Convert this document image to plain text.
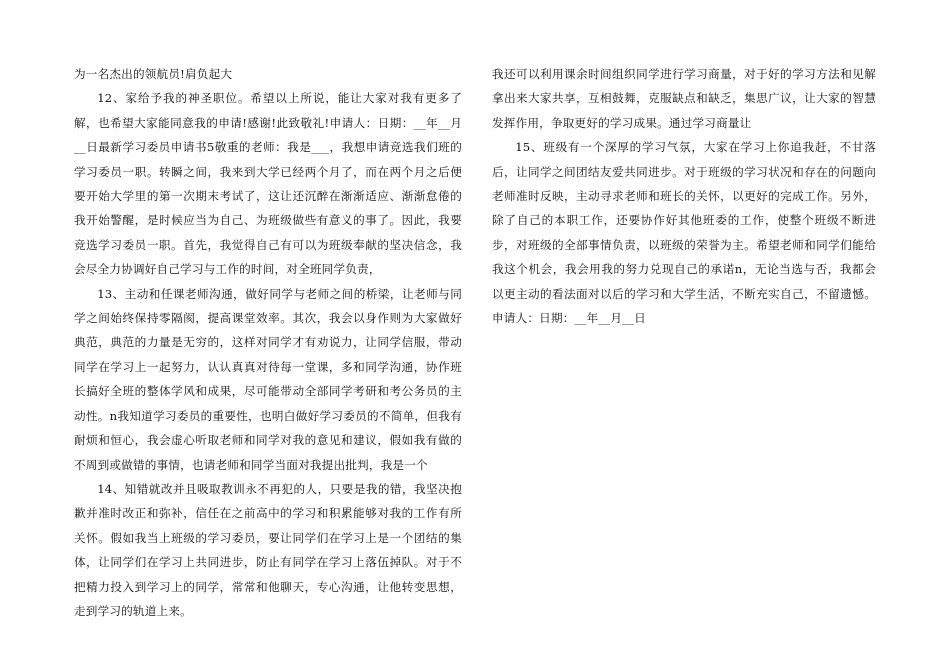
为一名杰出的领航员!肩负起大

12、家给予我的神圣职位。希望以上所说，能让大家对我有更多了解，也希望大家能同意我的申请!感谢!此致敬礼!申请人：日期：__年__月__日最新学习委员申请书5敬重的老师：我是___，我想申请竞选我们班的学习委员一职。转瞬之间，我来到大学已经两个月了，而在两个月之后便要开始大学里的第一次期末考试了，这让还沉醉在渐渐适应、渐渐怠倦的我开始警醒，是时候应当为自己、为班级做些有意义的事了。因此，我要竞选学习委员一职。首先，我觉得自己有可以为班级奉献的坚决信念，我会尽全力协调好自己学习与工作的时间，对全班同学负责，

13、主动和任课老师沟通，做好同学与老师之间的桥梁，让老师与同学之间始终保持零隔阂，提高课堂效率。其次，我会以身作则为大家做好典范，典范的力量是无穷的，这样对同学才有劝说力，让同学信服，带动同学在学习上一起努力，认认真真对待每一堂课，多和同学沟通，协作班长搞好全班的整体学风和成果，尽可能带动全部同学考研和考公务员的主动性。n我知道学习委员的重要性，也明白做好学习委员的不简单，但我有耐烦和恒心，我会虚心听取老师和同学对我的意见和建议，假如我有做的不周到或做错的事情，也请老师和同学当面对我提出批判，我是一个

14、知错就改并且吸取教训永不再犯的人，只要是我的错，我坚决抱歉并准时改正和弥补，信任在之前高中的学习和积累能够对我的工作有所关怀。假如我当上班级的学习委员，要让同学们在学习上是一个团结的集体，让同学们在学习上共同进步，防止有同学在学习上落伍掉队。对于不把精力投入到学习上的同学，常常和他聊天，专心沟通，让他转变思想，走到学习的轨道上来。

我还可以利用课余时间组织同学进行学习商量，对于好的学习方法和见解拿出来大家共享，互相鼓舞，克服缺点和缺乏，集思广议，让大家的智慧发挥作用，争取更好的学习成果。通过学习商量让

15、班级有一个深厚的学习气氛，大家在学习上你追我赶，不甘落后，让同学之间团结友爱共同进步。对于班级的学习状况和存在的问题向老师准时反映，主动寻求老师和班长的关怀，以更好的完成工作。另外，除了自己的本职工作，还要协作好其他班委的工作，使整个班级不断进步，对班级的全部事情负责，以班级的荣誉为主。希望老师和同学们能给我这个机会，我会用我的努力兑现自己的承诺n，无论当选与否，我都会以更主动的看法面对以后的学习和大学生活，不断充实自己，不留遗憾。申请人：日期：__年__月__日
